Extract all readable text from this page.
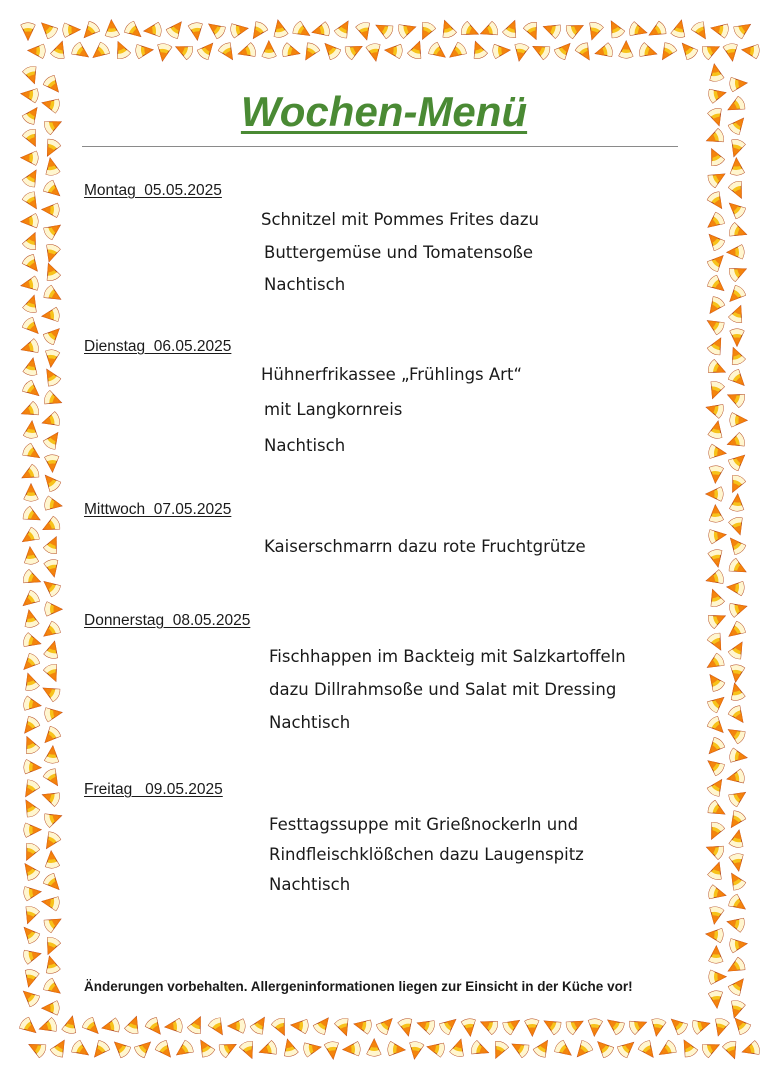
Wochen-Menü
Montag  05.05.2025
Schnitzel mit Pommes Frites dazu
Buttergemüse und Tomatensoße
Nachtisch
Dienstag  06.05.2025
Hühnerfrikassee „Frühlings Art“
mit Langkornreis
Nachtisch
Mittwoch  07.05.2025
Kaiserschmarrn dazu rote Fruchtgrütze
Donnerstag  08.05.2025
Fischhappen im Backteig mit Salzkartoffeln
dazu Dillrahmsoße und Salat mit Dressing
Nachtisch
Freitag   09.05.2025
Festtagssuppe mit Grießnockerln und
Rindfleischklößchen dazu Laugenspitz
Nachtisch
Änderungen vorbehalten. Allergeninformationen liegen zur Einsicht in der Küche vor!
